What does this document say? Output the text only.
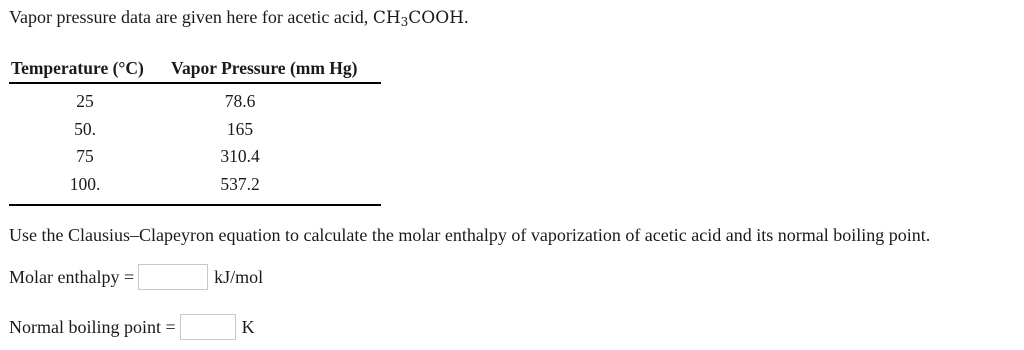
Vapor pressure data are given here for acetic acid, $CH_3COOH$.
Temperature (°C)	Vapor Pressure (mm Hg)
25	78.6
50.	165
75	310.4
100.	537.2
Use the Clausius–Clapeyron equation to calculate the molar enthalpy of vaporization of acetic acid and its normal boiling point.
Molar enthalpy =	kJ/mol
Normal boiling point =	K
